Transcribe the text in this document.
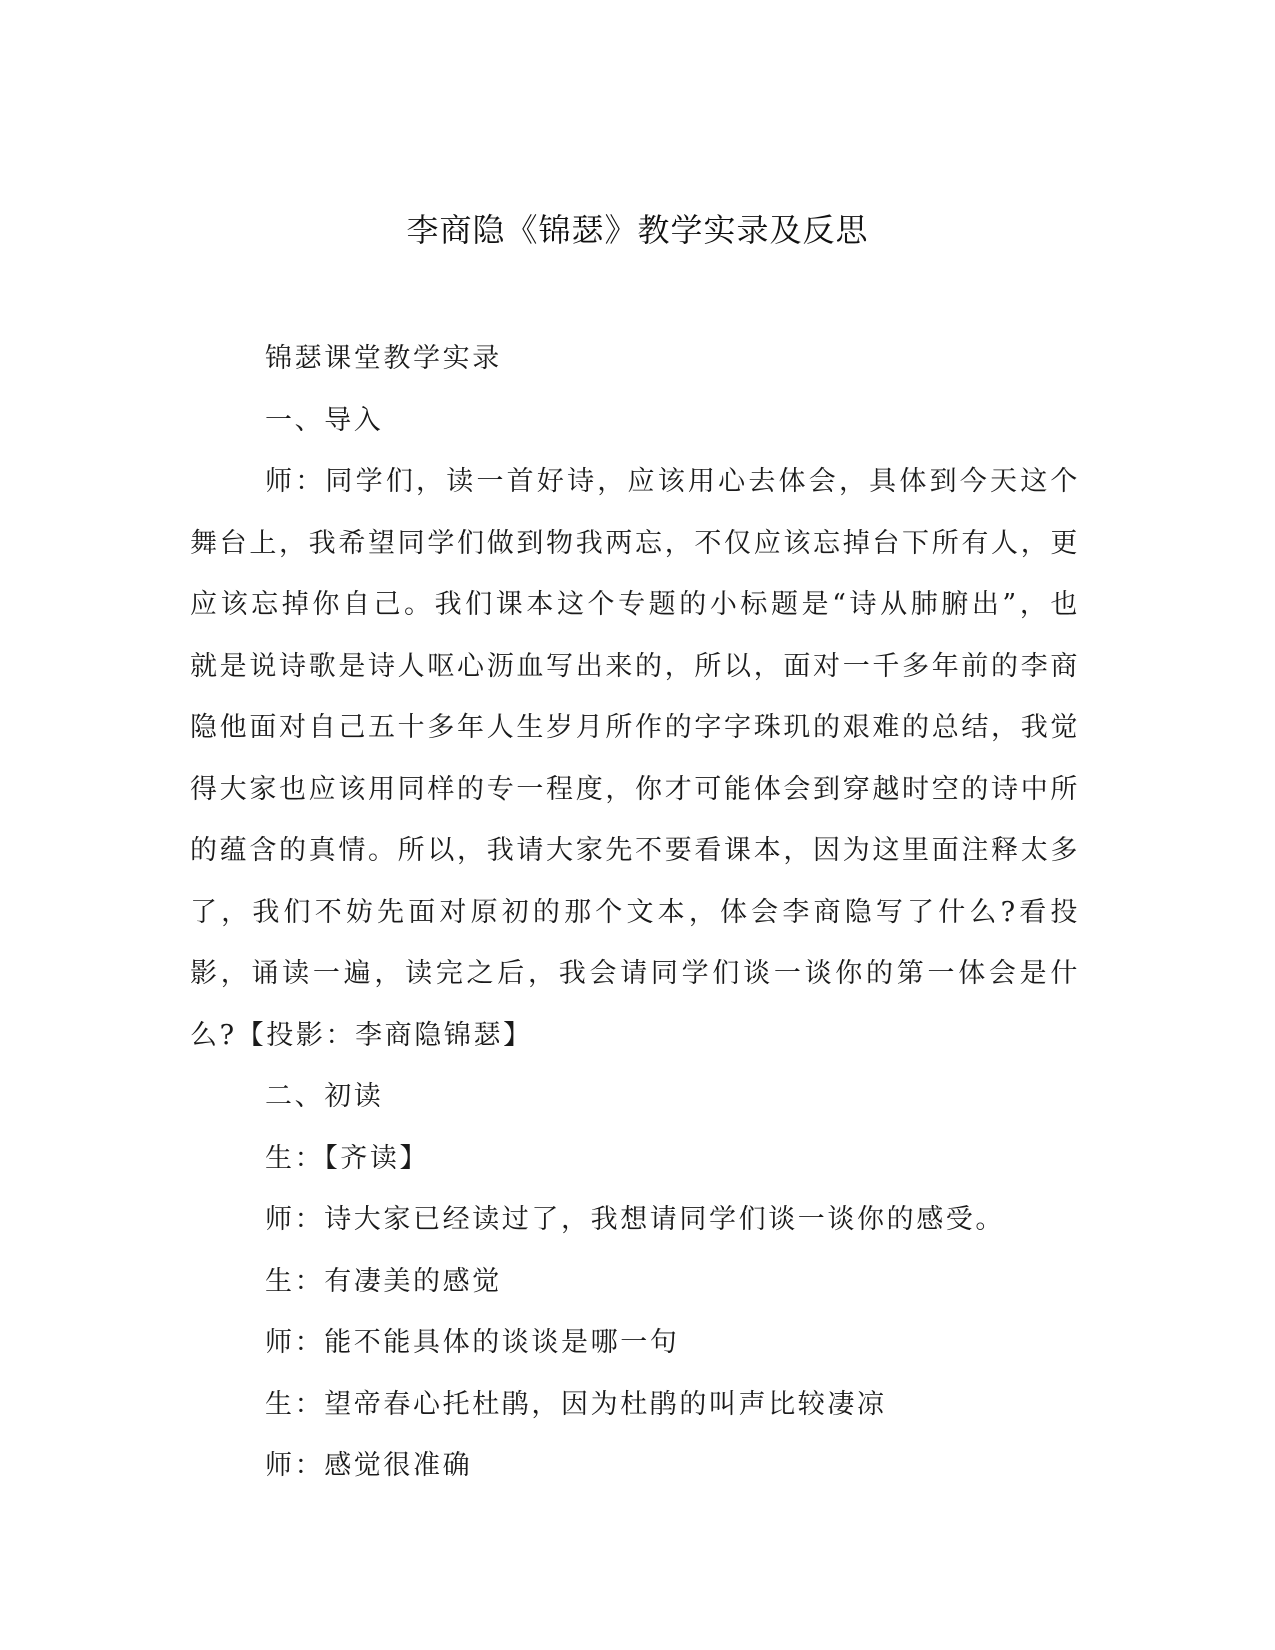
李商隐《锦瑟》教学实录及反思

锦瑟课堂教学实录

一、导入

师：同学们，读一首好诗，应该用心去体会，具体到今天这个舞台上，我希望同学们做到物我两忘，不仅应该忘掉台下所有人，更应该忘掉你自己。我们课本这个专题的小标题是“诗从肺腑出”，也就是说诗歌是诗人呕心沥血写出来的，所以，面对一千多年前的李商隐他面对自己五十多年人生岁月所作的字字珠玑的艰难的总结，我觉得大家也应该用同样的专一程度，你才可能体会到穿越时空的诗中所的蕴含的真情。所以，我请大家先不要看课本，因为这里面注释太多了，我们不妨先面对原初的那个文本，体会李商隐写了什么?看投影，诵读一遍，读完之后，我会请同学们谈一谈你的第一体会是什么?【投影：李商隐锦瑟】

二、初读

生：【齐读】

师：诗大家已经读过了，我想请同学们谈一谈你的感受。

生：有凄美的感觉

师：能不能具体的谈谈是哪一句

生：望帝春心托杜鹃，因为杜鹃的叫声比较凄凉

师：感觉很准确
